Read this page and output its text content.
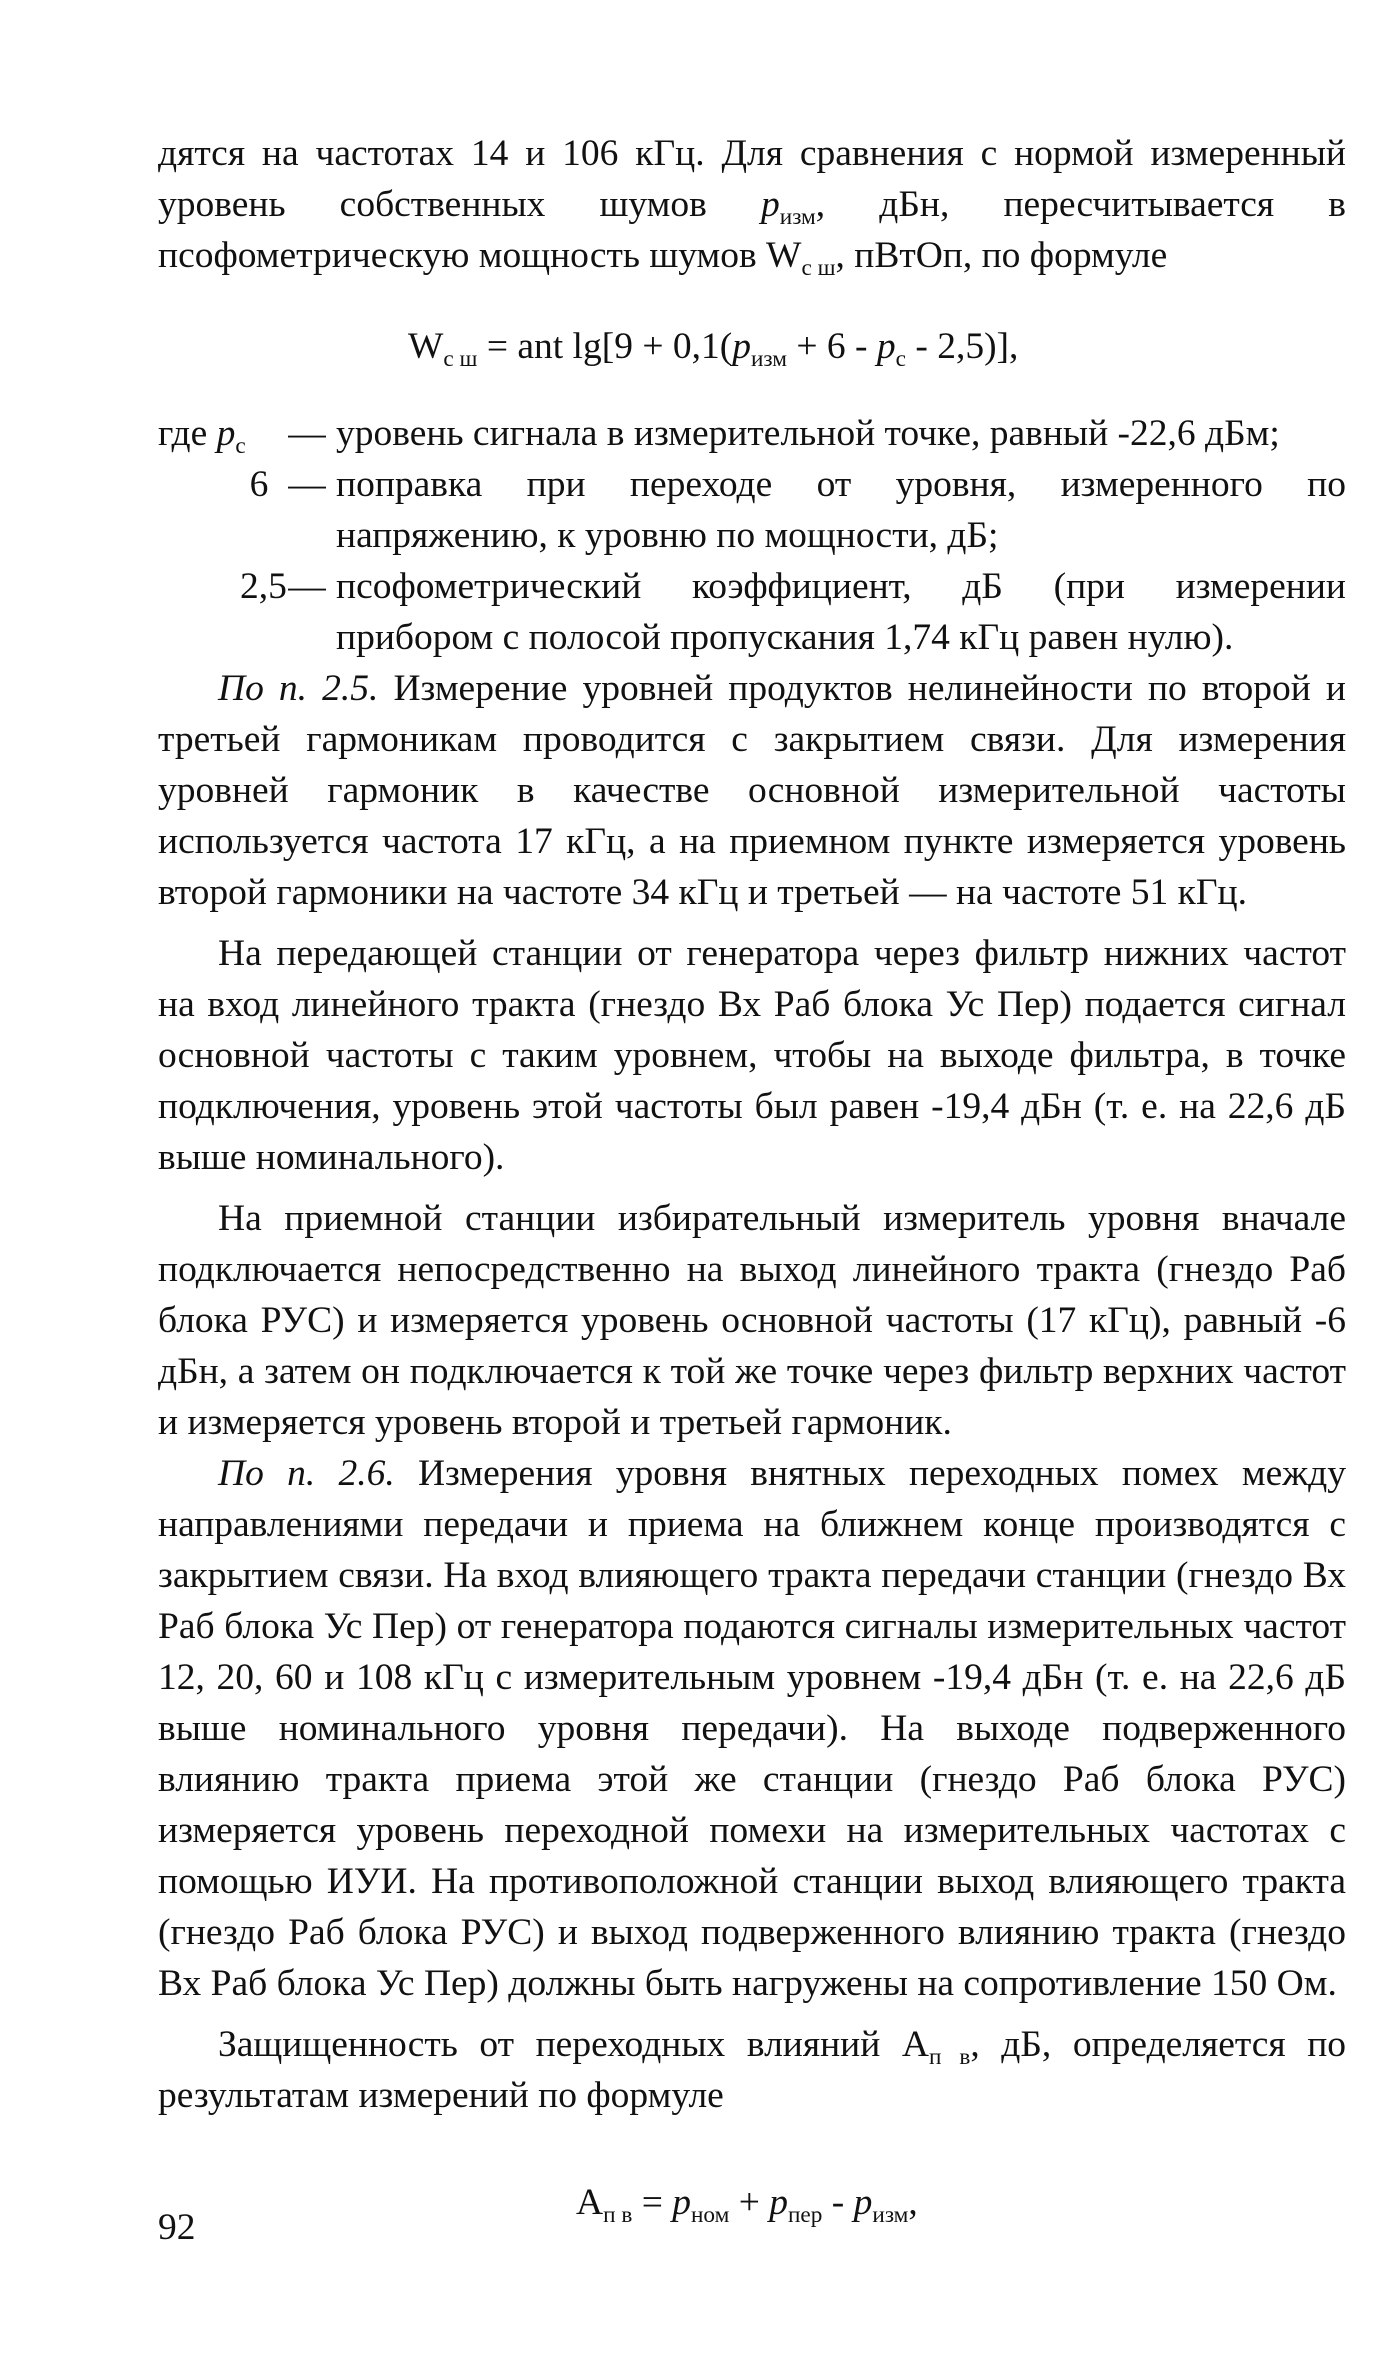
дятся на частотах 14 и 106 кГц. Для сравнения с нормой измеренный уровень собственных шумов $p_{изм}$, дБн, пересчитывается в псофометрическую мощность шумов $W_{с ш}$, пВтОп, по формуле

$W_{с ш}$ = ant $\lg[9 + 0,1(p_{изм} + 6 - p_с - 2,5)]$,
где $p_с$	— уровень сигнала в измерительной точке, равный -22,6 дБм;
6 — поправка при переходе от уровня, измеренного по напряжению, к уровню по мощности, дБ;
2,5 — псофометрический коэффициент, дБ (при измерении прибором с полосой пропускания 1,74 кГц равен нулю).

По п. 2.5. Измерение уровней продуктов нелинейности по второй и третьей гармоникам проводится с закрытием связи. Для измерения уровней гармоник в качестве основной измерительной частоты используется частота 17 кГц, а на приемном пункте измеряется уровень второй гармоники на частоте 34 кГц и третьей — на частоте 51 кГц.

На передающей станции от генератора через фильтр нижних частот на вход линейного тракта (гнездо Вх Раб блока Ус Пер) подается сигнал основной частоты с таким уровнем, чтобы на выходе фильтра, в точке подключения, уровень этой частоты был равен -19,4 дБн (т. е. на 22,6 дБ выше номинального).

На приемной станции избирательный измеритель уровня вначале подключается непосредственно на выход линейного тракта (гнездо Раб блока РУС) и измеряется уровень основной частоты (17 кГц), равный -6 дБн, а затем он подключается к той же точке через фильтр верхних частот и измеряется уровень второй и третьей гармоник.

По п. 2.6. Измерения уровня внятных переходных помех между направлениями передачи и приема на ближнем конце производятся с закрытием связи. На вход влияющего тракта передачи станции (гнездо Вх Раб блока Ус Пер) от генератора подаются сигналы измерительных частот 12, 20, 60 и 108 кГц с измерительным уровнем -19,4 дБн (т. е. на 22,6 дБ выше номинального уровня передачи). На выходе подверженного влиянию тракта приема этой же станции (гнездо Раб блока РУС) измеряется уровень переходной помехи на измерительных частотах с помощью ИУИ. На противоположной станции выход влияющего тракта (гнездо Раб блока РУС) и выход подверженного влиянию тракта (гнездо Вх Раб блока Ус Пер) должны быть нагружены на сопротивление 150 Ом.

Защищенность от переходных влияний $А_{п в}$, дБ, определяется по результатам измерений по формуле

$А_{п в} = p_{ном} + p_{пер} - p_{изм}$,
92
